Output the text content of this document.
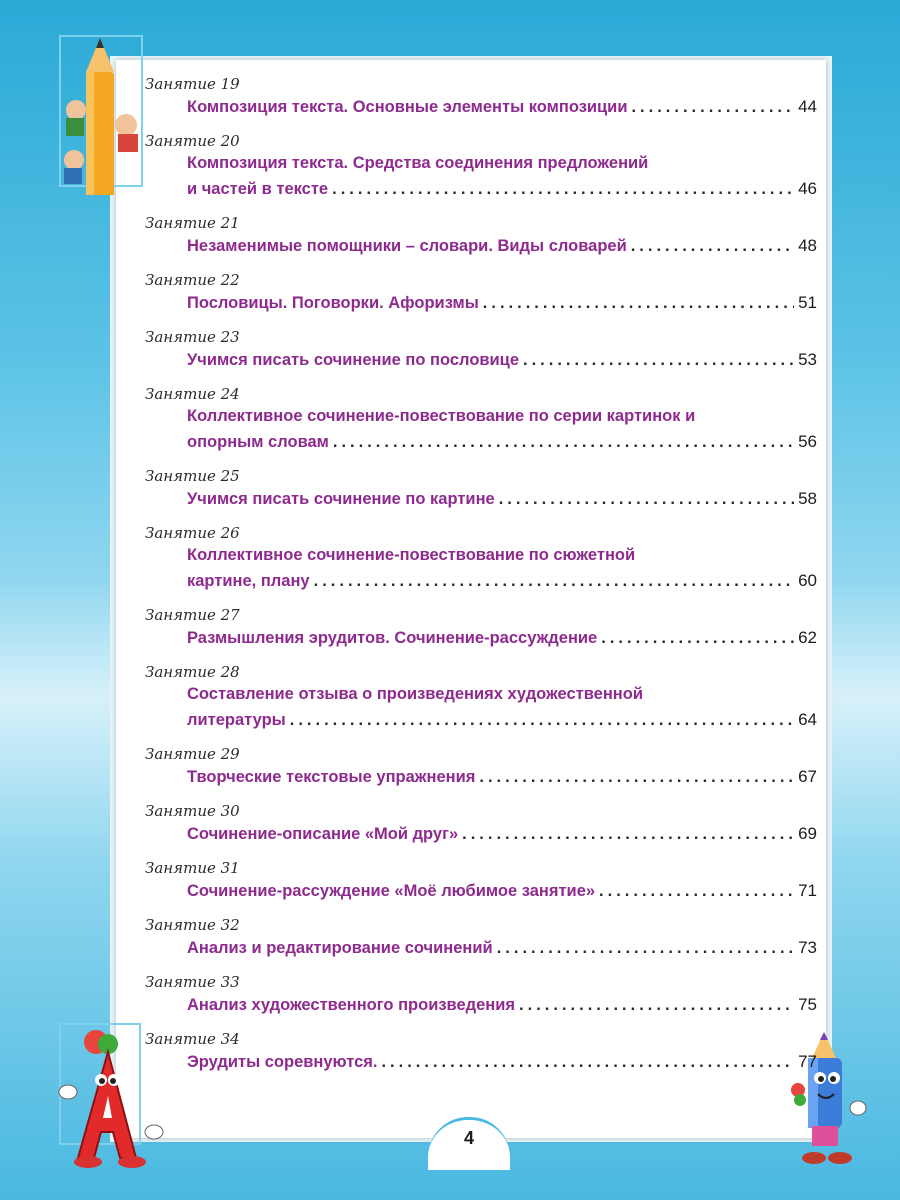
Занятие 19
Композиция текста. Основные элементы композиции .....	44
Занятие 20
Композиция текста. Средства соединения предложений
и частей в тексте .....	46
Занятие 21
Незаменимые помощники – словари. Виды словарей .....	48
Занятие 22
Пословицы. Поговорки. Афоризмы .....	51
Занятие 23
Учимся писать сочинение по пословице .....	53
Занятие 24
Коллективное сочинение-повествование по серии картинок и
опорным словам .....	56
Занятие 25
Учимся писать сочинение по картине .....	58
Занятие 26
Коллективное сочинение-повествование по сюжетной
картине, плану .....	60
Занятие 27
Размышления эрудитов. Сочинение-рассуждение .....	62
Занятие 28
Составление отзыва о произведениях художественной
литературы .....	64
Занятие 29
Творческие текстовые упражнения .....	67
Занятие 30
Сочинение-описание «Мой друг» .....	69
Занятие 31
Сочинение-рассуждение «Моё любимое занятие» .....	71
Занятие 32
Анализ и редактирование сочинений .....	73
Занятие 33
Анализ художественного произведения .....	75
Занятие 34
Эрудиты соревнуются. .....	77
4
